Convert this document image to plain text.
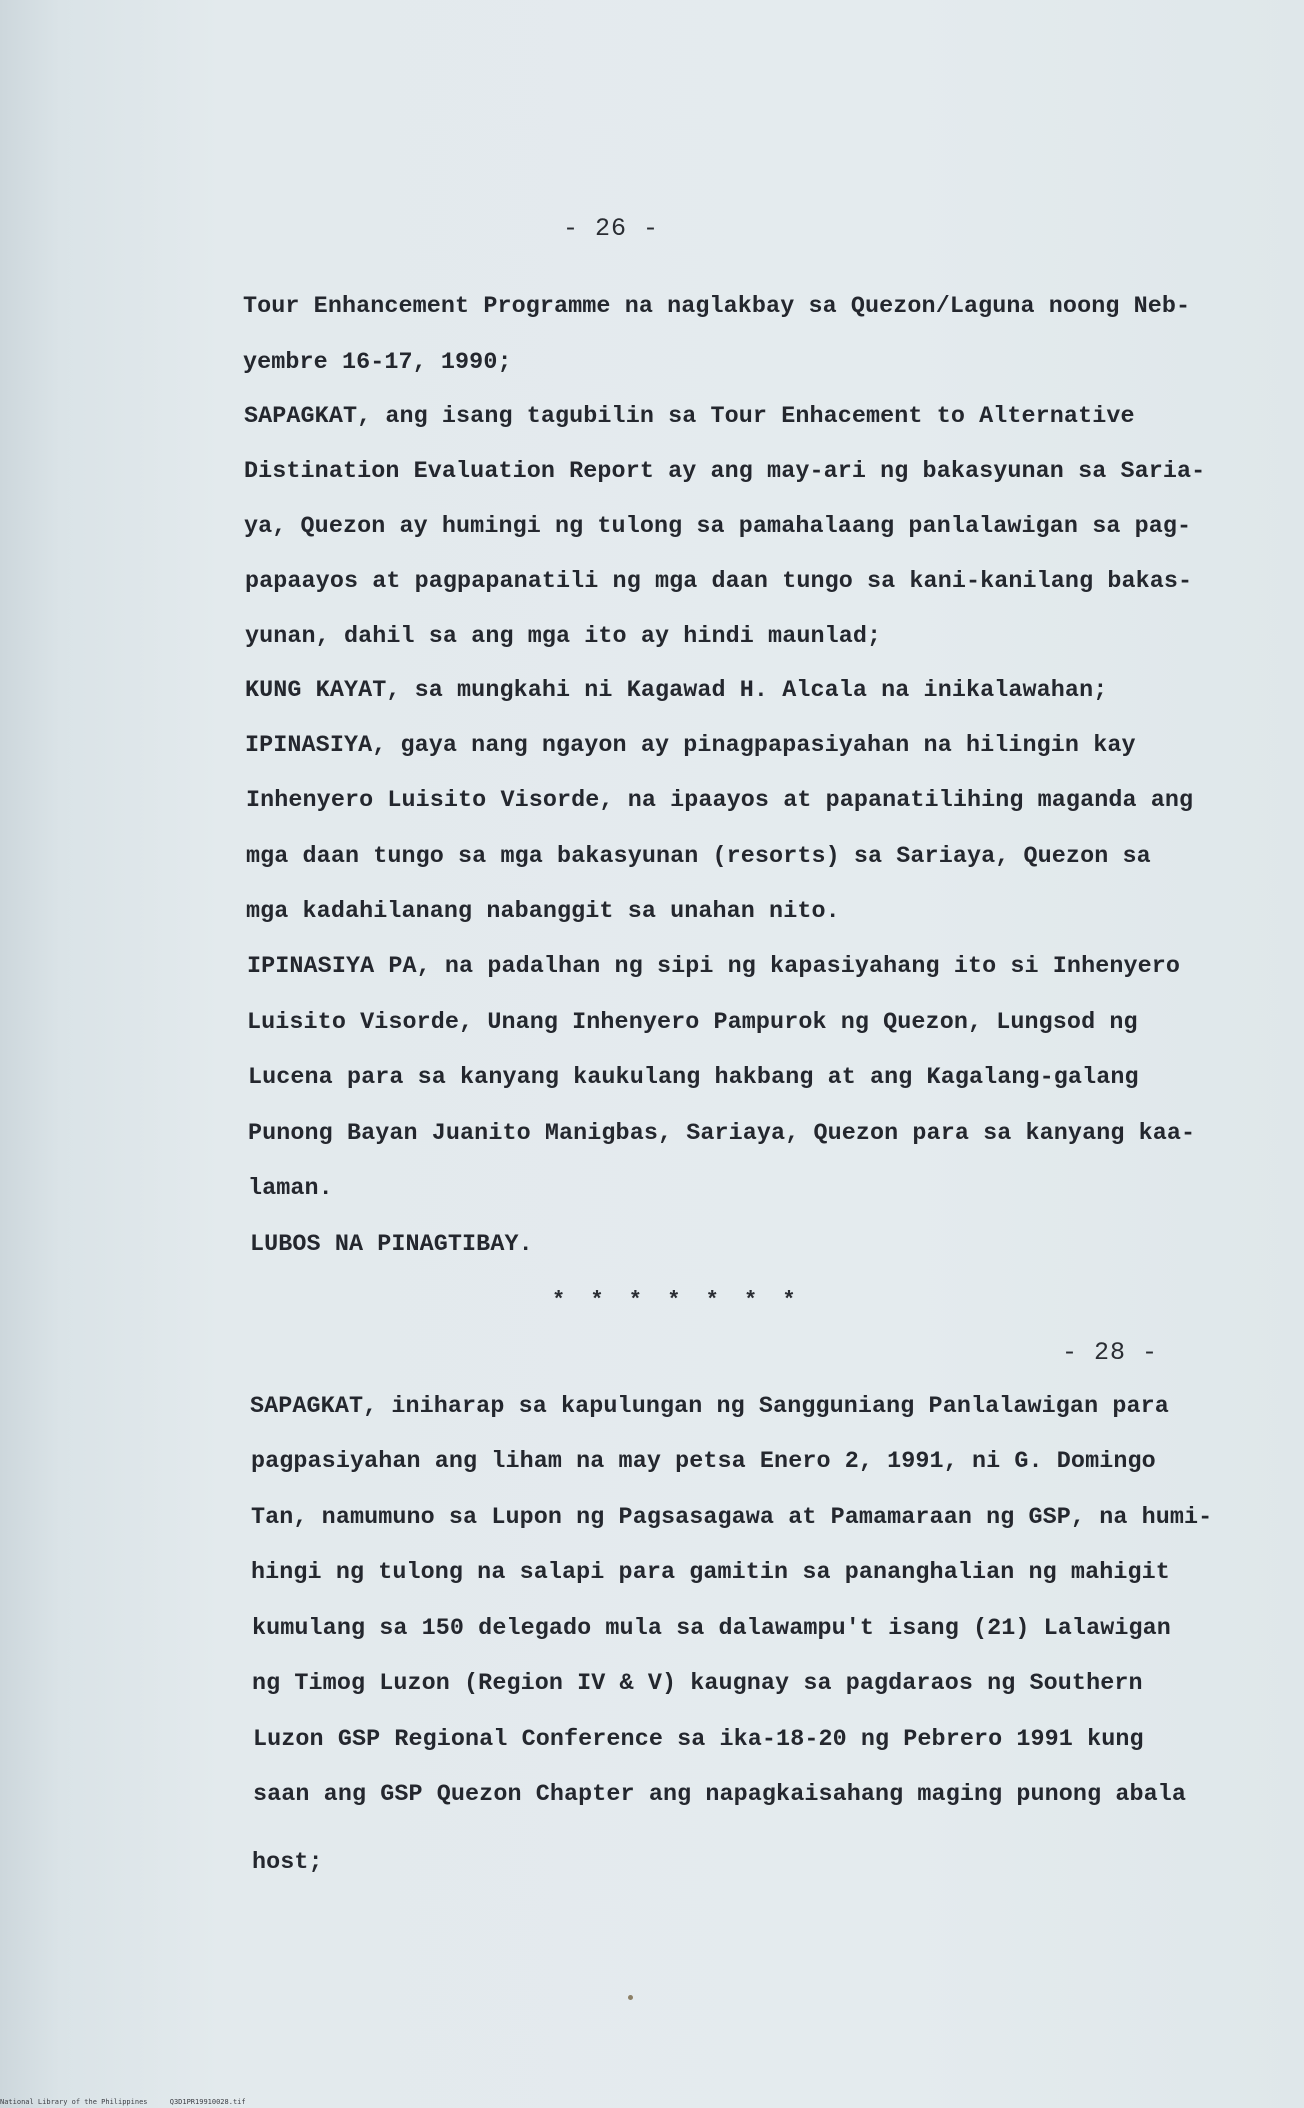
- 26 -
Tour Enhancement Programme na naglakbay sa Quezon/Laguna noong Neb-
yembre 16-17, 1990;
SAPAGKAT, ang isang tagubilin sa Tour Enhacement to Alternative
Distination Evaluation Report ay ang may-ari ng bakasyunan sa Saria-
ya, Quezon ay humingi ng tulong sa pamahalaang panlalawigan sa pag-
papaayos at pagpapanatili ng mga daan tungo sa kani-kanilang bakas-
yunan, dahil sa ang mga ito ay hindi maunlad;
KUNG KAYAT, sa mungkahi ni Kagawad H. Alcala na inikalawahan;
IPINASIYA, gaya nang ngayon ay pinagpapasiyahan na hilingin kay
Inhenyero Luisito Visorde, na ipaayos at papanatilihing maganda ang
mga daan tungo sa mga bakasyunan (resorts) sa Sariaya, Quezon sa
mga kadahilanang nabanggit sa unahan nito.
IPINASIYA PA, na padalhan ng sipi ng kapasiyahang ito si Inhenyero
Luisito Visorde, Unang Inhenyero Pampurok ng Quezon, Lungsod ng
Lucena para sa kanyang kaukulang hakbang at ang Kagalang-galang
Punong Bayan Juanito Manigbas, Sariaya, Quezon para sa kanyang kaa-
laman.
LUBOS NA PINAGTIBAY.
* * * * * * *
- 28 -
SAPAGKAT, iniharap sa kapulungan ng Sangguniang Panlalawigan para
pagpasiyahan ang liham na may petsa Enero 2, 1991, ni G. Domingo
Tan, namumuno sa Lupon ng Pagsasagawa at Pamamaraan ng GSP, na humi-
hingi ng tulong na salapi para gamitin sa pananghalian ng mahigit
kumulang sa 150 delegado mula sa dalawampu't isang (21) Lalawigan
ng Timog Luzon (Region IV & V) kaugnay sa pagdaraos ng Southern
Luzon GSP Regional Conference sa ika-18-20 ng Pebrero 1991 kung
saan ang GSP Quezon Chapter ang napagkaisahang maging punong abala
host;
National Library of the Philippines	Q3D1PR19910028.tif
